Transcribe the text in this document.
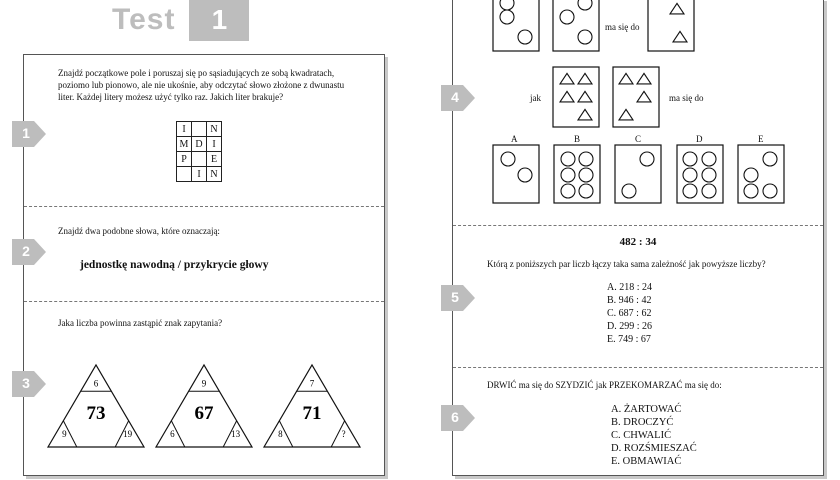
Test	1
1
Znajdź początkowe pole i poruszaj się po sąsiadujących ze sobą kwadratach, poziomo lub pionowo, ale nie ukośnie, aby odczytać słowo złożone z dwunastu liter. Każdej litery możesz użyć tylko raz. Jakich liter brakuje?
I		N
M	D	I
P		E
	I	N
2
Znajdź dwa podobne słowa, które oznaczają:
jednostkę nawodną / przykrycie głowy
3
Jaka liczba powinna zastąpić znak zapytania?
6
73
9	19
9
67
6	13
7
71
8	?
4
ma się do
jak	ma się do
A	B	C	D	E
5
482 : 34
Którą z poniższych par liczb łączy taka sama zależność jak powyższe liczby?
A. 218 : 24
B. 946 : 42
C. 687 : 62
D. 299 : 26
E. 749 : 67
6
DRWIĆ ma się do SZYDZIĆ jak PRZEKOMARZAĆ ma się do:
A. ŻARTOWAĆ
B. DROCZYĆ
C. CHWALIĆ
D. ROZŚMIESZAĆ
E. OBMAWIAĆ
